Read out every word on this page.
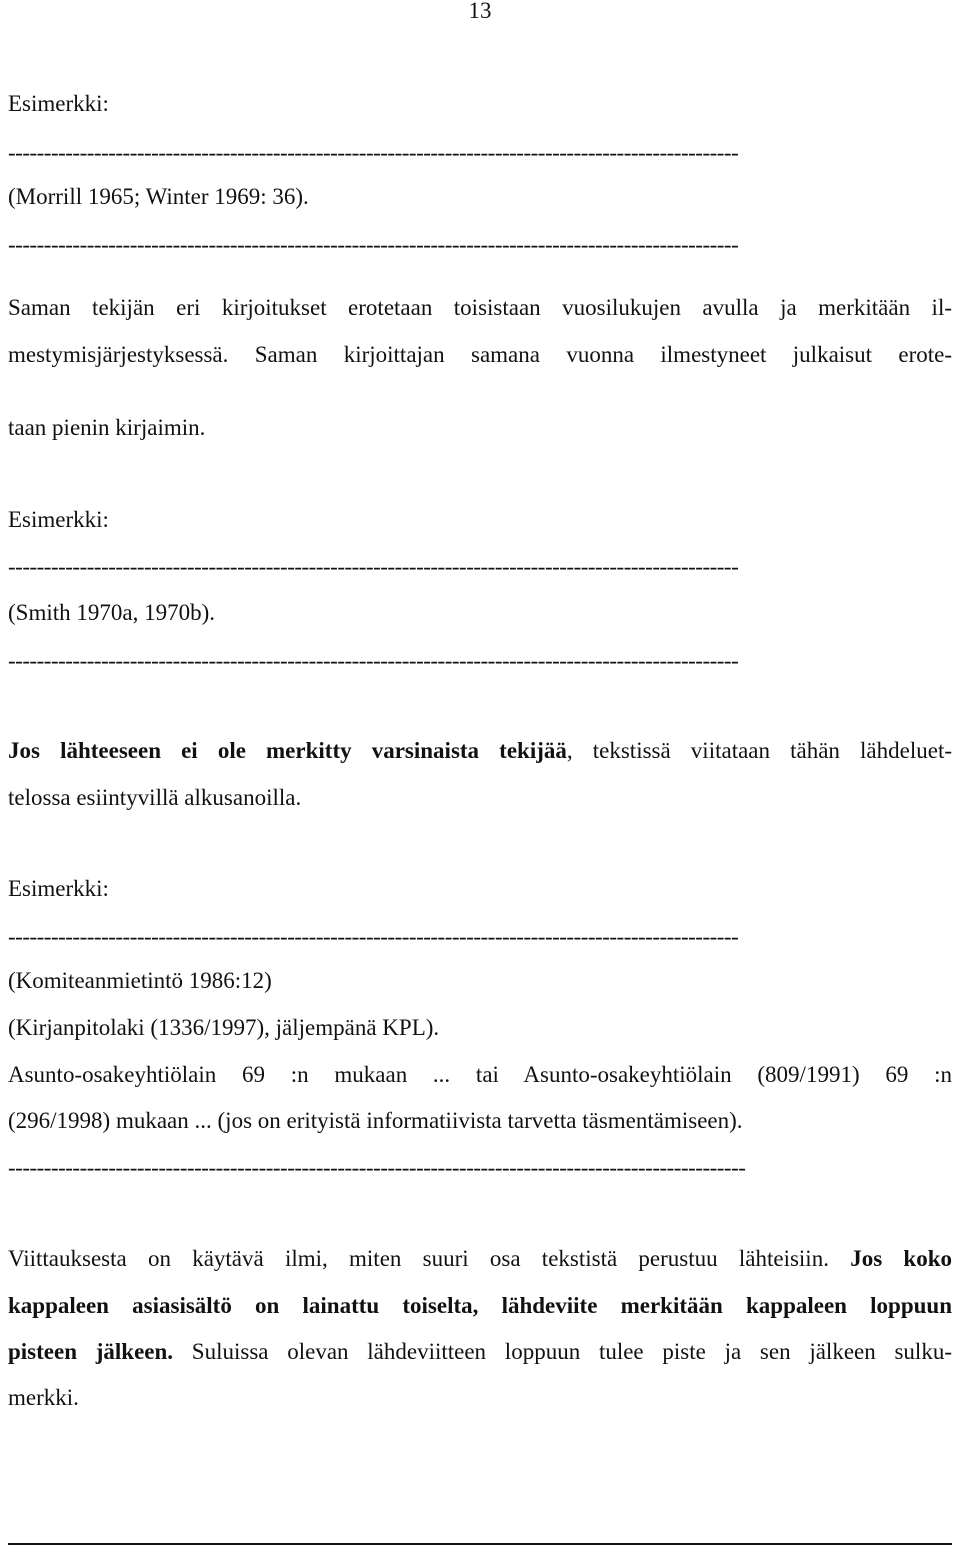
13
Esimerkki:
------------------------------------------------------------------------------------------------------
(Morrill 1965; Winter 1969: 36).
------------------------------------------------------------------------------------------------------
Saman tekijän eri kirjoitukset erotetaan toisistaan vuosilukujen avulla ja merkitään il-
mestymisjärjestyksessä. Saman kirjoittajan samana vuonna ilmestyneet julkaisut erote-
taan pienin kirjaimin.
Esimerkki:
------------------------------------------------------------------------------------------------------
(Smith 1970a, 1970b).
------------------------------------------------------------------------------------------------------
Jos lähteeseen ei ole merkitty varsinaista tekijää, tekstissä viitataan tähän lähdeluet-
telossa esiintyvillä alkusanoilla.
Esimerkki:
------------------------------------------------------------------------------------------------------
(Komiteanmietintö 1986:12)
(Kirjanpitolaki (1336/1997), jäljempänä KPL).
Asunto-osakeyhtiölain 69 :n mukaan ... tai Asunto-osakeyhtiölain (809/1991) 69 :n
(296/1998) mukaan ... (jos on erityistä informatiivista tarvetta täsmentämiseen).
-------------------------------------------------------------------------------------------------------
Viittauksesta on käytävä ilmi, miten suuri osa tekstistä perustuu lähteisiin. Jos koko
kappaleen asiasisältö on lainattu toiselta, lähdeviite merkitään kappaleen loppuun
pisteen jälkeen. Suluissa olevan lähdeviitteen loppuun tulee piste ja sen jälkeen sulku-
merkki.
